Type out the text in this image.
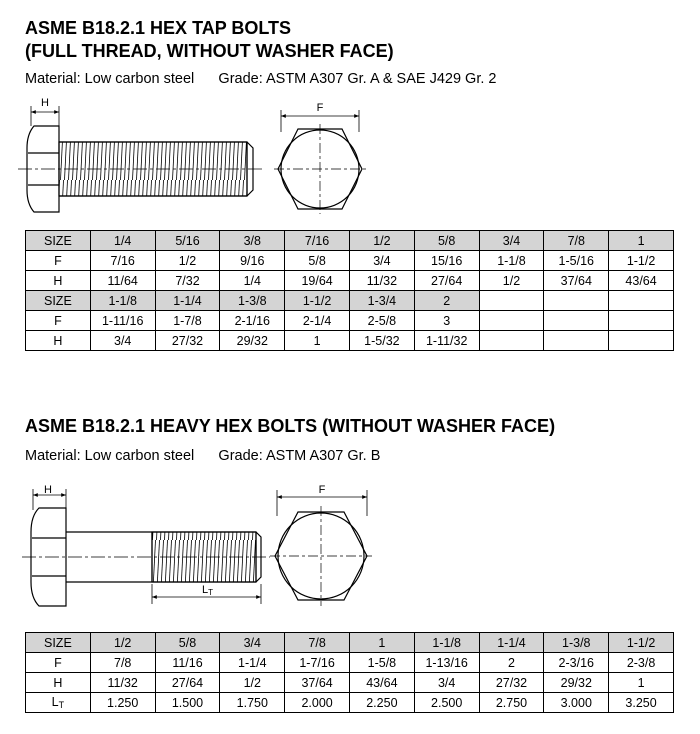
ASME B18.2.1 HEX TAP BOLTS
(FULL THREAD, WITHOUT WASHER FACE)
Material: Low carbon steel Grade: ASTM A307 Gr. A & SAE J429 Gr. 2
H	F
H
LT
F
SIZE	1/4	5/16	3/8	7/16	1/2	5/8	3/4	7/8	1
F	7/16	1/2	9/16	5/8	3/4	15/16	1-1/8	1-5/16	1-1/2
H	11/64	7/32	1/4	19/64	11/32	27/64	1/2	37/64	43/64
SIZE	1-1/8	1-1/4	1-3/8	1-1/2	1-3/4	2			
F	1-11/16	1-7/8	2-1/16	2-1/4	2-5/8	3			
H	3/4	27/32	29/32	1	1-5/32	1-11/32			
ASME B18.2.1 HEAVY HEX BOLTS (WITHOUT WASHER FACE)
Material: Low carbon steel Grade: ASTM A307 Gr. B
SIZE	1/2	5/8	3/4	7/8	1	1-1/8	1-1/4	1-3/8	1-1/2
F	7/8	11/16	1-1/4	1-7/16	1-5/8	1-13/16	2	2-3/16	2-3/8
H	11/32	27/64	1/2	37/64	43/64	3/4	27/32	29/32	1
$L_T$	1.250	1.500	1.750	2.000	2.250	2.500	2.750	3.000	3.250
